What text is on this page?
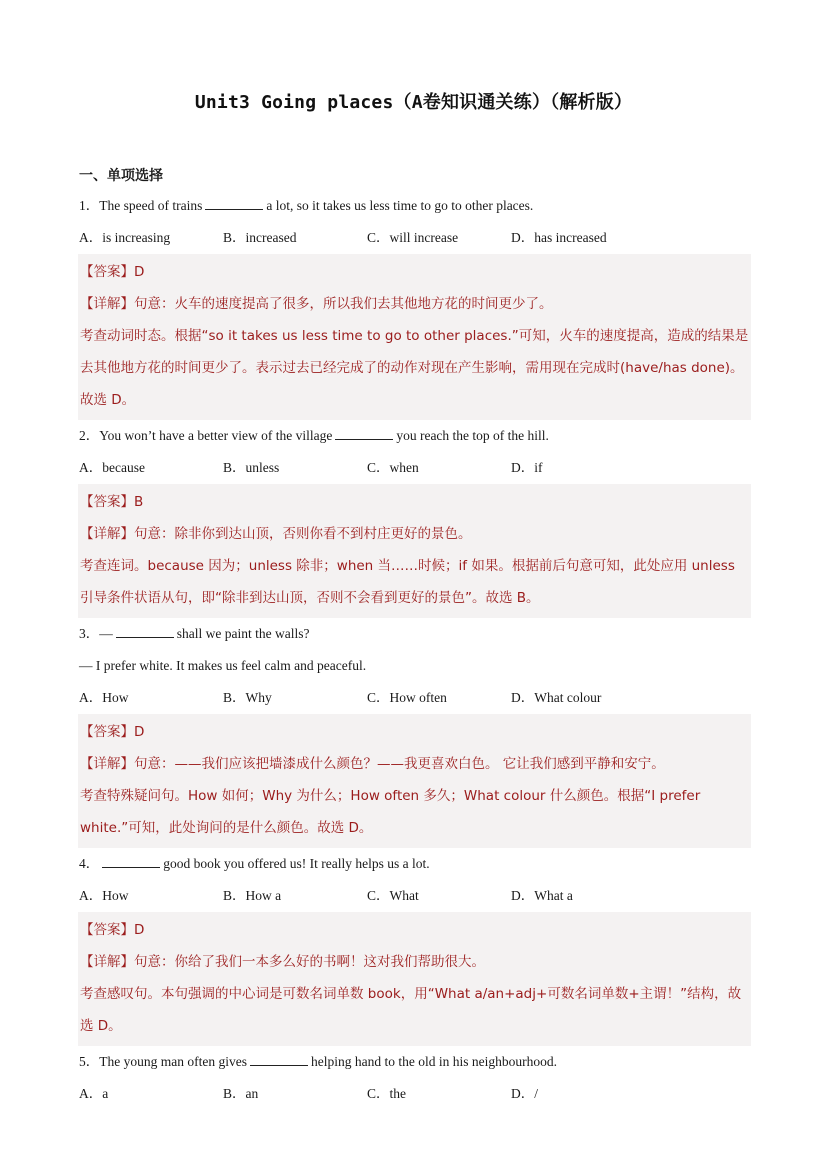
Unit3 Going places（A卷知识通关练）（解析版）
一、单项选择
1．The speed of trains	a lot, so it takes us less time to go to other places.
A．is increasing	B．increased	C．will increase	D．has increased
【答案】D
【详解】句意：火车的速度提高了很多，所以我们去其他地方花的时间更少了。
考查动词时态。根据“so it takes us less time to go to other places.”可知，火车的速度提高，造成的结果是去其他地方花的时间更少了。表示过去已经完成了的动作对现在产生影响，需用现在完成时(have/has done)。故选 D。
2．You won’t have a better view of the village	you reach the top of the hill.
A．because	B．unless	C．when	D．if
【答案】B
【详解】句意：除非你到达山顶，否则你看不到村庄更好的景色。
考查连词。because 因为；unless 除非；when 当……时候；if 如果。根据前后句意可知，此处应用 unless 引导条件状语从句，即“除非到达山顶，否则不会看到更好的景色”。故选 B。
3．—	shall we paint the walls?
— I prefer white. It makes us feel calm and peaceful.
A．How	B．Why	C．How often	D．What colour
【答案】D
【详解】句意：——我们应该把墙漆成什么颜色？——我更喜欢白色。 它让我们感到平静和安宁。
考查特殊疑问句。How 如何；Why 为什么；How often 多久；What colour 什么颜色。根据“I prefer white.”可知，此处询问的是什么颜色。故选 D。
4．	good book you offered us! It really helps us a lot.
A．How	B．How a	C．What	D．What a
【答案】D
【详解】句意：你给了我们一本多么好的书啊！这对我们帮助很大。
考查感叹句。本句强调的中心词是可数名词单数 book，用“What a/an+adj+可数名词单数+主谓！”结构，故选 D。
5．The young man often gives	helping hand to the old in his neighbourhood.
A．a	B．an	C．the	D．/
